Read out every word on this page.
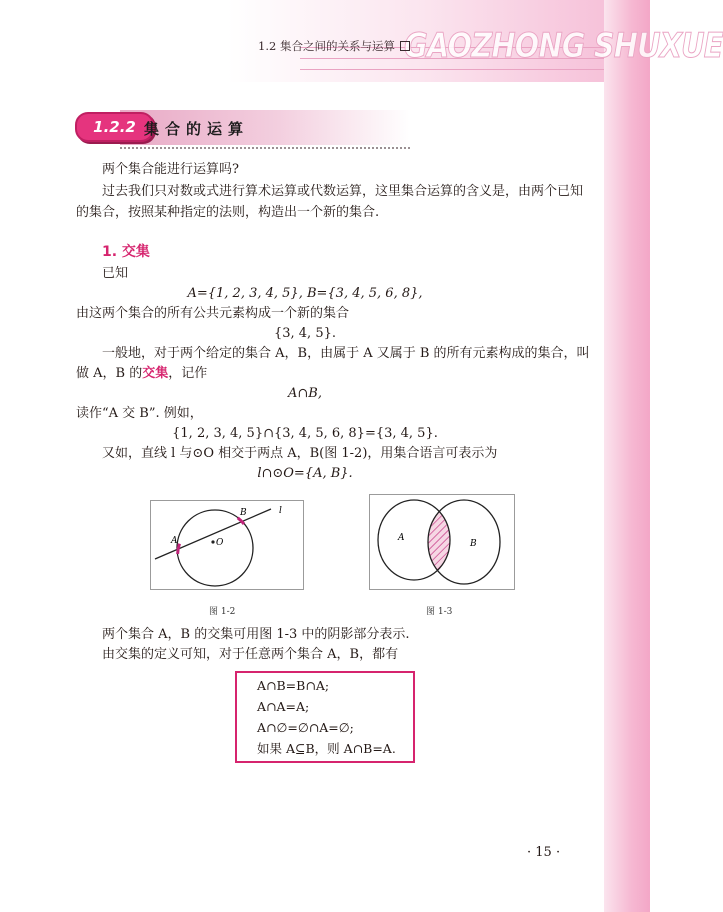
GAOZHONG SHUXUE
1.2 集合之间的关系与运算
1.2.2 集合的运算
两个集合能进行运算吗?
过去我们只对数或式进行算术运算或代数运算，这里集合运算的含义是，由两个已知
的集合，按照某种指定的法则，构造出一个新的集合.
1. 交集
已知
A={1, 2, 3, 4, 5}, B={3, 4, 5, 6, 8},
由这两个集合的所有公共元素构成一个新的集合
{3, 4, 5}.
一般地，对于两个给定的集合 A，B，由属于 A 又属于 B 的所有元素构成的集合，叫
做 A，B 的交集，记作
A∩B,
读作“A 交 B”. 例如，
{1, 2, 3, 4, 5}∩{3, 4, 5, 6, 8}={3, 4, 5}.
又如，直线 l 与⊙O 相交于两点 A，B(图 1-2)，用集合语言可表示为
l∩⊙O={A, B}.
A
B
O
l
图 1-2
A
B
图 1-3
两个集合 A，B 的交集可用图 1-3 中的阴影部分表示.
由交集的定义可知，对于任意两个集合 A，B，都有
A∩B=B∩A;
A∩A=A;
A∩∅=∅∩A=∅;
如果 A⊆B，则 A∩B=A.
· 15 ·
